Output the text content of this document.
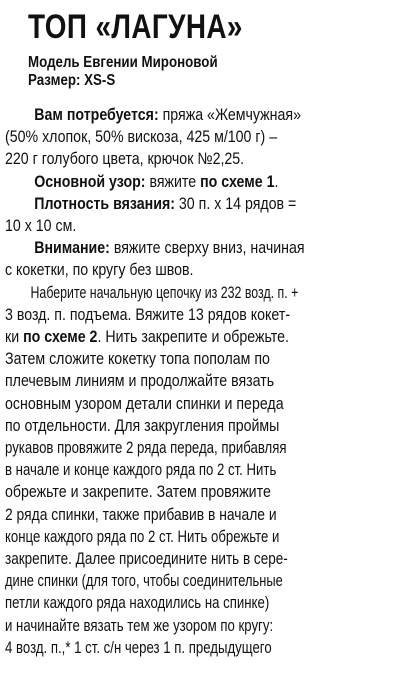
ТОП «ЛАГУНА»
Модель Евгении Мироновой
Размер: XS-S
Вам потребуется: пряжа «Жемчужная»
(50% хлопок, 50% вискоза, 425 м/100 г) –
220 г голубого цвета, крючок №2,25.
Основной узор: вяжите по схеме 1.
Плотность вязания: 30 п. х 14 рядов =
10 х 10 см.
Внимание: вяжите сверху вниз, начиная
с кокетки, по кругу без швов.
Наберите начальную цепочку из 232 возд. п. +
3 возд. п. подъема. Вяжите 13 рядов кокет-
ки по схеме 2. Нить закрепите и обрежьте.
Затем сложите кокетку топа пополам по
плечевым линиям и продолжайте вязать
основным узором детали спинки и переда
по отдельности. Для закругления проймы
рукавов провяжите 2 ряда переда, прибавляя
в начале и конце каждого ряда по 2 ст. Нить
обрежьте и закрепите. Затем провяжите
2 ряда спинки, также прибавив в начале и
конце каждого ряда по 2 ст. Нить обрежьте и
закрепите. Далее присоедините нить в сере-
дине спинки (для того, чтобы соединительные
петли каждого ряда находились на спинке)
и начинайте вязать тем же узором по кругу:
4 возд. п.,* 1 ст. с/н через 1 п. предыдущего
